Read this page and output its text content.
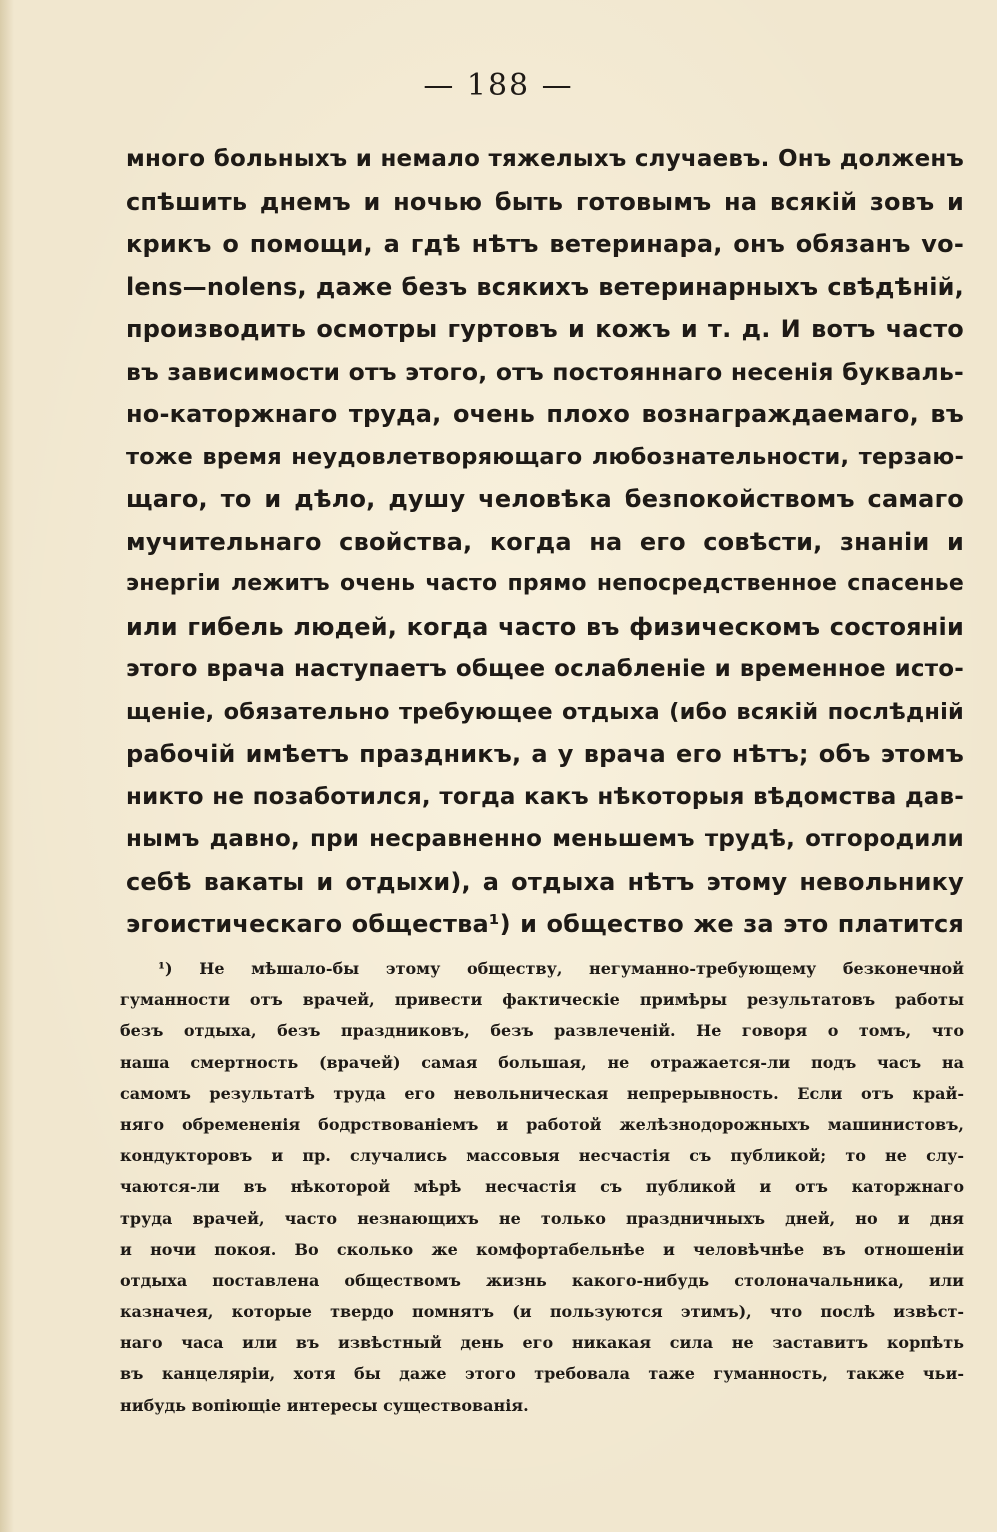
— 188 —
много больныхъ и немало тяжелыхъ случаевъ. Онъ долженъ
спѣшить днемъ и ночью быть готовымъ на всякій зовъ и
крикъ о помощи, а гдѣ нѣтъ ветеринара, онъ обязанъ vo-
lens—nolens, даже безъ всякихъ ветеринарныхъ свѣдѣній,
производить осмотры гуртовъ и кожъ и т. д. И вотъ часто
въ зависимости отъ этого, отъ постояннаго несенія букваль-
но-каторжнаго труда, очень плохо вознаграждаемаго, въ
тоже время неудовлетворяющаго любознательности, терзаю-
щаго, то и дѣло, душу человѣка безпокойствомъ самаго
мучительнаго свойства, когда на его совѣсти, знаніи и
энергіи лежитъ очень часто прямо непосредственное спасенье
или гибель людей, когда часто въ физическомъ состояніи
этого врача наступаетъ общее ослабленіе и временное исто-
щеніе, обязательно требующее отдыха (ибо всякій послѣдній
рабочій имѣетъ праздникъ, а у врача его нѣтъ; объ этомъ
никто не позаботился, тогда какъ нѣкоторыя вѣдомства дав-
нымъ давно, при несравненно меньшемъ трудѣ, отгородили
себѣ вакаты и отдыхи), а отдыха нѣтъ этому невольнику
эгоистическаго общества¹) и общество же за это платится
¹) Не мѣшало-бы этому обществу, негуманно-требующему безконечной
гуманности отъ врачей, привести фактическіе примѣры результатовъ работы
безъ отдыха, безъ праздниковъ, безъ развлеченій. Не говоря о томъ, что
наша смертность (врачей) самая большая, не отражается-ли подъ часъ на
самомъ результатѣ труда его невольническая непрерывность. Если отъ край-
няго обремененія бодрствованіемъ и работой желѣзнодорожныхъ машинистовъ,
кондукторовъ и пр. случались массовыя несчастія съ публикой; то не слу-
чаются-ли въ нѣкоторой мѣрѣ несчастія съ публикой и отъ каторжнаго
труда врачей, часто незнающихъ не только праздничныхъ дней, но и дня
и ночи покоя. Во сколько же комфортабельнѣе и человѣчнѣе въ отношеніи
отдыха поставлена обществомъ жизнь какого-нибудь столоначальника, или
казначея, которые твердо помнятъ (и пользуются этимъ), что послѣ извѣст-
наго часа или въ извѣстный день его никакая сила не заставитъ корпѣть
въ канцеляріи, хотя бы даже этого требовала таже гуманность, также чьи-
нибудь вопіющіе интересы существованія.
